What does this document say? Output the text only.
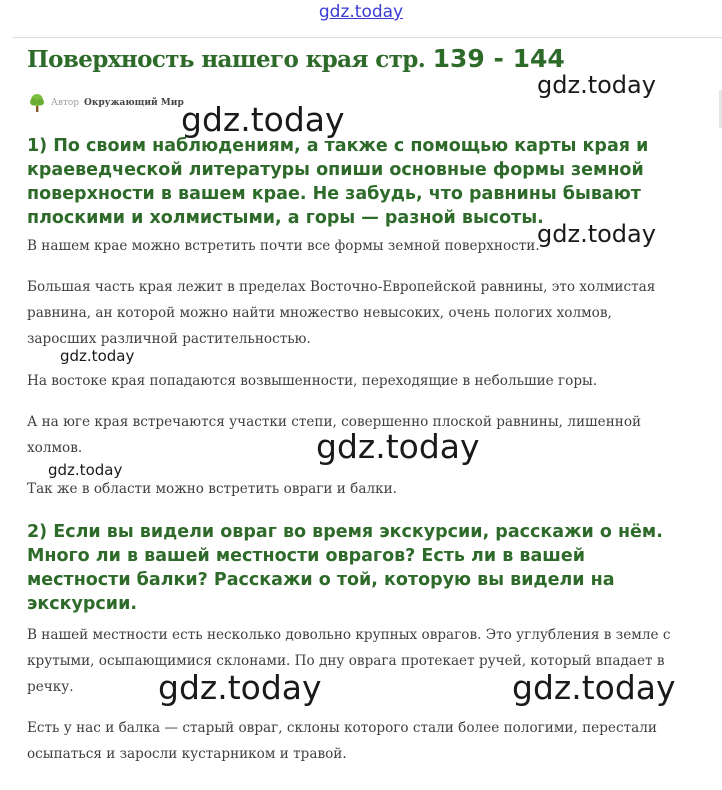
gdz.today
Поверхность нашего края стр. 139 - 144
Автор Окружающий Мир
1) По своим наблюдениям, а также с помощью карты края и краеведческой литературы опиши основные формы земной поверхности в вашем крае. Не забудь, что равнины бывают плоскими и холмистыми, а горы — разной высоты.

В нашем крае можно встретить почти все формы земной поверхности.

Большая часть края лежит в пределах Восточно-Европейской равнины, это холмистая равнина, ан которой можно найти множество невысоких, очень пологих холмов, заросших различной растительностью.

На востоке края попадаются возвышенности, переходящие в небольшие горы.

А на юге края встречаются участки степи, совершенно плоской равнины, лишенной холмов.

Так же в области можно встретить овраги и балки.

2) Если вы видели овраг во время экскурсии, расскажи о нём. Много ли в вашей местности оврагов? Есть ли в вашей местности балки? Расскажи о той, которую вы видели на экскурсии.

В нашей местности есть несколько довольно крупных оврагов. Это углубления в земле с крутыми, осыпающимися склонами. По дну оврага протекает ручей, который впадает в речку.

Есть у нас и балка — старый овраг, склоны которого стали более пологими, перестали осыпаться и заросли кустарником и травой.

gdz.today
gdz.today
gdz.today
gdz.today
gdz.today
gdz.today
gdz.today	gdz.today
